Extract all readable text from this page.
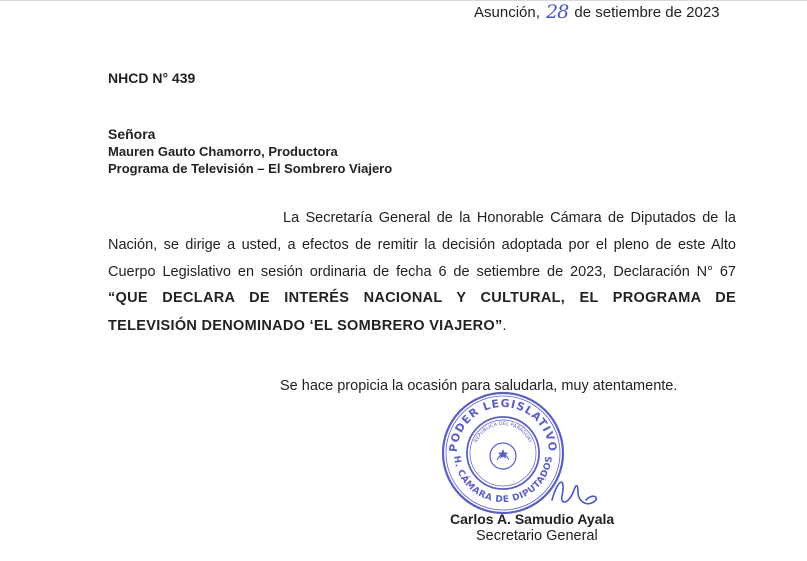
Asunción, 28 de setiembre de 2023
NHCD N° 439
Señora
Mauren Gauto Chamorro, Productora
Programa de Televisión – El Sombrero Viajero
La Secretaría General de la Honorable Cámara de Diputados de la
Nación, se dirige a usted, a efectos de remitir la decisión adoptada por el pleno de este Alto
Cuerpo Legislativo en sesión ordinaria de fecha 6 de setiembre de 2023, Declaración N° 67
“QUE DECLARA DE INTERÉS NACIONAL Y CULTURAL, EL PROGRAMA DE
TELEVISIÓN DENOMINADO ‘EL SOMBRERO VIAJERO”.
Se hace propicia la ocasión para saludarla, muy atentamente.
PODER LEGISLATIVO
H. CÁMARA DE DIPUTADOS
REPUBLICA DEL PARAGUAY
Carlos A. Samudio Ayala
Secretario General
